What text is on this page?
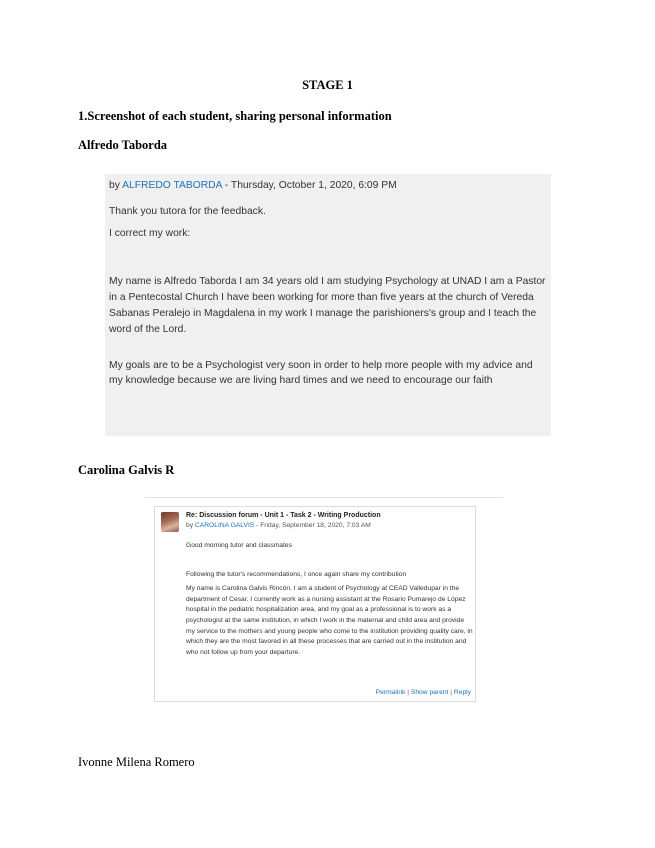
STAGE 1
1.Screenshot of each student, sharing personal information
Alfredo Taborda

by ALFREDO TABORDA - Thursday, October 1, 2020, 6:09 PM

Thank you tutora for the feedback.

I correct my work:

My name is Alfredo Taborda I am 34 years old I am studying Psychology at UNAD I am a Pastor in a Pentecostal Church I have been working for more than five years at the church of Vereda Sabanas Peralejo in Magdalena in my work I manage the parishioners's group and I teach the word of the Lord.

My goals are to be a Psychologist very soon in order to help more people with my advice and my knowledge because we are living hard times and we need to encourage our faith

Carolina Galvis R
Re: Discussion forum - Unit 1 - Task 2 - Writing Production
by CAROLINA GALVIS - Friday, September 18, 2020, 7:03 AM

Good morning tutor and classmates

Following the tutor's recommendations, I once again share my contribution

My name is Carolina Galvis Rincón. I am a student of Psychology at CEAD Valledupar in the department of Cesar. I currently work as a nursing assistant at the Rosario Pumarejo de López hospital in the pediatric hospitalization area, and my goal as a professional is to work as a psychologist at the same institution, in which I work in the maternal and child area and provide my service to the mothers and young people who come to the institution providing quality care, in which they are the most favored in all these processes that are carried out in the institution and who not follow up from your departure.

Permalink | Show parent | Reply
Ivonne Milena Romero
